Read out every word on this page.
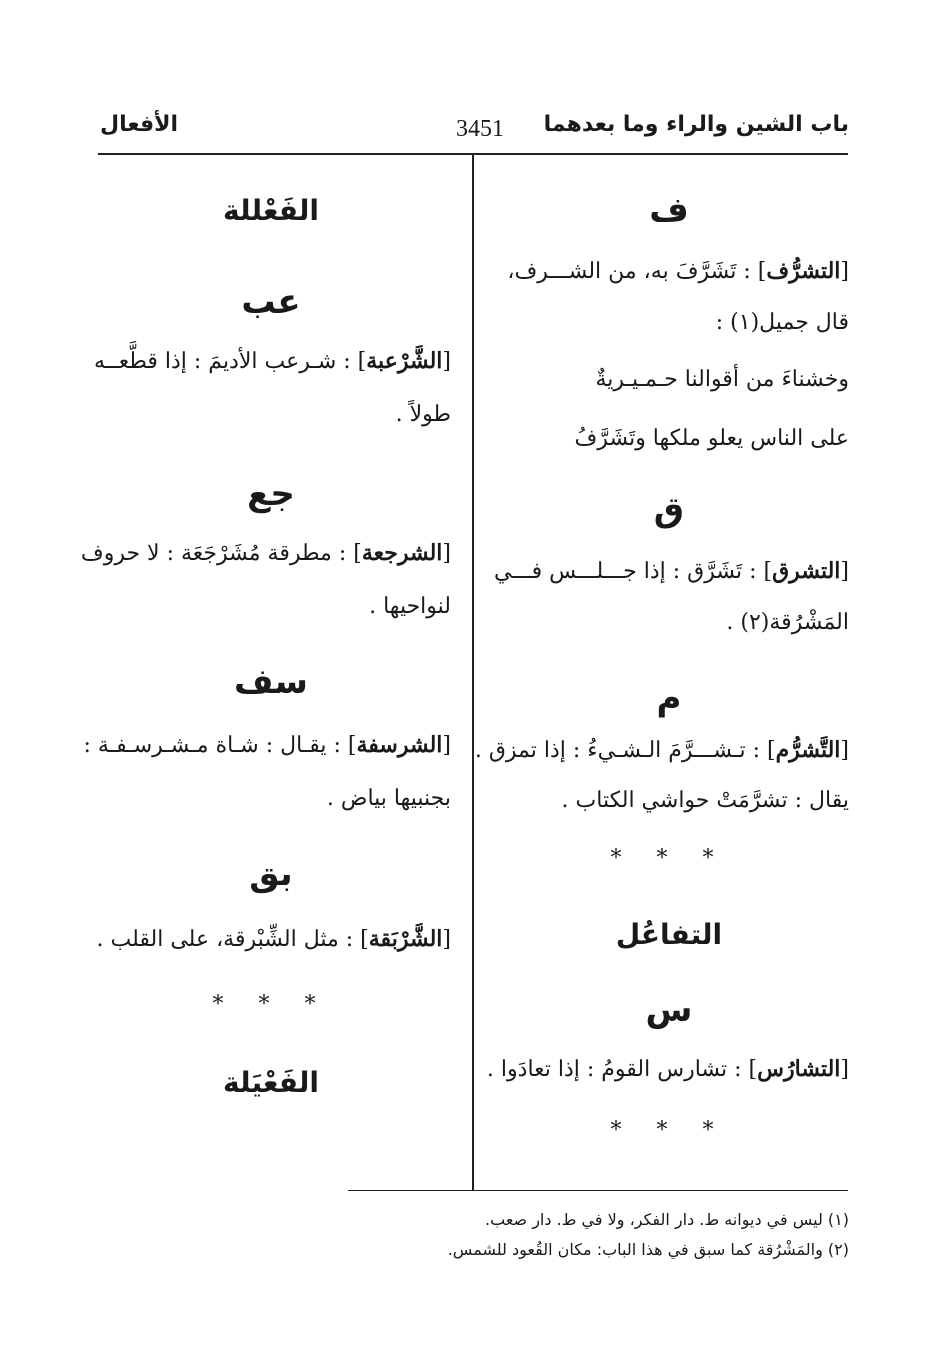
باب الشين والراء وما بعدهما
3451
الأفعال
ف
[التشرُّف] : تَشَرَّفَ به، من الشـــرف،
قال جميل(١) :
وخشناءَ من أقوالنا حـمـيـريةٌ
على الناس يعلو ملكها وتَشَرَّفُ
ق
[التشرق] : تَشَرَّق : إذا جـــلـــس فـــي
المَشْرُقة(٢) .
م
[التَّشرُّم] : تـشـــرَّمَ الـشـيءُ : إذا تمزق .
يقال : تشرَّمَتْ حواشي الكتاب .
* * *
التفاعُل
س
[التشارُس] : تشارس القومُ : إذا تعادَوا .
* * *
الفَعْللة
عب
[الشَّرْعبة] : شـرعب الأديمَ : إذا قطَّعــه
طولاً .
جع
[الشرجعة] : مطرقة مُشَرْجَعَة : لا حروف
لنواحيها .
سف
[الشرسفة] : يقـال : شـاة مـشـرسـفـة :
بجنبيها بياض .
بق
[الشَّرْبَقة] : مثل الشِّبْرقة، على القلب .
* * *
الفَعْيَلة
(١) ليس في ديوانه ط. دار الفكر، ولا في ط. دار صعب.
(٢) والمَشْرُقة كما سبق في هذا الباب: مكان القُعود للشمس.
